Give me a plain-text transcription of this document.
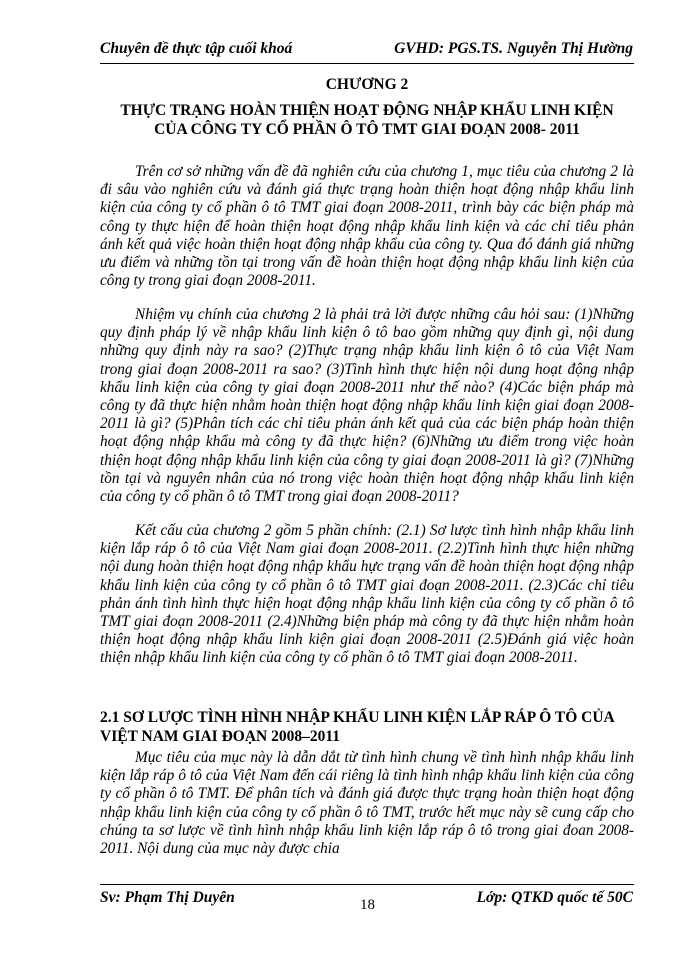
Chuyên đề thực tập cuối khoá	GVHD: PGS.TS. Nguyễn Thị Hường
CHƯƠNG 2
THỰC TRẠNG HOÀN THIỆN HOẠT ĐỘNG NHẬP KHẨU LINH KIỆN
CỦA CÔNG TY CỔ PHẦN Ô TÔ TMT GIAI ĐOẠN 2008- 2011

Trên cơ sở những vấn đề đã nghiên cứu của chương 1, mục tiêu của chương 2 là đi sâu vào nghiên cứu và đánh giá thực trạng hoàn thiện hoạt động nhập khẩu linh kiện của công ty cổ phần ô tô TMT giai đoạn 2008-2011, trình bày các biện pháp mà công ty thực hiện để hoàn thiện hoạt động nhập khẩu linh kiện và các chỉ tiêu phản ánh kết quả việc hoàn thiện hoạt động nhập khẩu của công ty. Qua đó đánh giá những ưu điểm và những tồn tại trong vấn đề hoàn thiện hoạt động nhập khẩu linh kiện của công ty trong giai đoạn 2008-2011.

Nhiệm vụ chính của chương 2 là phải trả lời được những câu hỏi sau: (1)Những quy định pháp lý về nhập khẩu linh kiện ô tô bao gồm những quy định gì, nội dung những quy định này ra sao? (2)Thực trạng nhập khẩu linh kiện ô tô của Việt Nam trong giai đoạn 2008-2011 ra sao? (3)Tình hình thực hiện nội dung hoạt động nhập khẩu linh kiện của công ty giai đoạn 2008-2011 như thế nào? (4)Các biện pháp mà công ty đã thực hiện nhằm hoàn thiện hoạt động nhập khẩu linh kiện giai đoạn 2008-2011 là gì? (5)Phân tích các chỉ tiêu phản ánh kết quả của các biện pháp hoàn thiện hoạt động nhập khẩu mà công ty đã thực hiện? (6)Những ưu điểm trong việc hoàn thiện hoạt động nhập khẩu linh kiện của công ty giai đoạn 2008-2011 là gì? (7)Những tồn tại và nguyên nhân của nó trong việc hoàn thiện hoạt động nhập khẩu linh kiện của công ty cổ phần ô tô TMT trong giai đoạn 2008-2011?

Kết cấu của chương 2 gồm 5 phần chính: (2.1) Sơ lược tình hình nhập khẩu linh kiện lắp ráp ô tô của Việt Nam giai đoạn 2008-2011. (2.2)Tình hình thực hiện những nội dung hoàn thiện hoạt động nhập khẩu hực trạng vấn đề hoàn thiện hoạt động nhập khẩu linh kiện của công ty cổ phần ô tô TMT giai đoạn 2008-2011. (2.3)Các chỉ tiêu phản ánh tình hình thực hiện hoạt động nhập khẩu linh kiện của công ty cổ phần ô tô TMT giai đoạn 2008-2011 (2.4)Những biện pháp mà công ty đã thực hiện nhằm hoàn thiện hoạt động nhập khẩu linh kiện giai đoạn 2008-2011 (2.5)Đánh giá việc hoàn thiện nhập khẩu linh kiện của công ty cổ phần ô tô TMT giai đoạn 2008-2011.

2.1 SƠ LƯỢC TÌNH HÌNH NHẬP KHẨU LINH KIỆN LẮP RÁP Ô TÔ CỦA VIỆT NAM GIAI ĐOẠN 2008–2011

Mục tiêu của mục này là dẫn dắt từ tình hình chung về tình hình nhập khẩu linh kiện lắp ráp ô tô của Việt Nam đến cái riêng là tình hình nhập khẩu linh kiện của công ty cổ phần ô tô TMT. Để phân tích và đánh giá được thực trạng hoàn thiện hoạt động nhập khẩu linh kiện của công ty cổ phần ô tô TMT, trước hết mục này sẽ cung cấp cho chúng ta sơ lược về tình hình nhập khẩu linh kiện lắp ráp ô tô trong giai đoan 2008- 2011. Nội dung của mục này được chia

Sv: Phạm Thị Duyên	18	Lớp: QTKD quốc tế 50C
